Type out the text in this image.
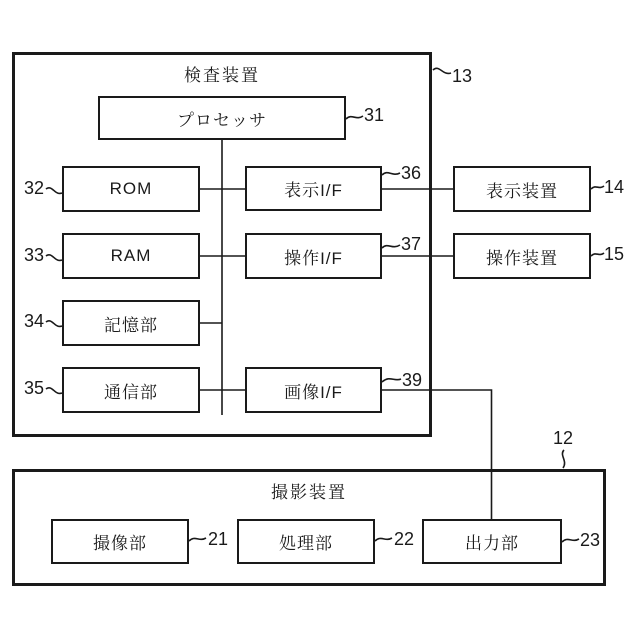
検査装置
撮影装置
プロセッサ
ROM
RAM
記憶部
通信部
表示I/F
操作I/F
画像I/F
表示装置
操作装置
撮像部	処理部	出力部
13
31
32
33
34
35
36
37
39
14
15
12
21	22	23
